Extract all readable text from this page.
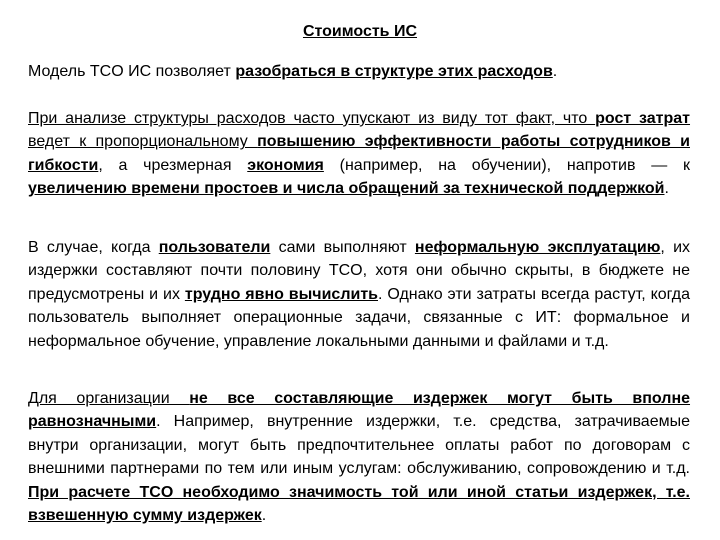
Стоимость ИС
Модель TCO ИС позволяет разобраться в структуре этих расходов.
При анализе структуры расходов часто упускают из виду тот факт, что рост затрат ведет к пропорциональному повышению эффективности работы сотрудников и гибкости, а чрезмерная экономия (например, на обучении), напротив — к увеличению времени простоев и числа обращений за технической поддержкой.
В случае, когда пользователи сами выполняют неформальную эксплуатацию, их издержки составляют почти половину TCO, хотя они обычно скрыты, в бюджете не предусмотрены и их трудно явно вычислить. Однако эти затраты всегда растут, когда пользователь выполняет операционные задачи, связанные с ИТ: формальное и неформальное обучение, управление локальными данными и файлами и т.д.
Для организации не все составляющие издержек могут быть вполне равнозначными. Например, внутренние издержки, т.е. средства, затрачиваемые внутри организации, могут быть предпочтительнее оплаты работ по договорам с внешними партнерами по тем или иным услугам: обслуживанию, сопровождению и т.д. При расчете TCO необходимо значимость той или иной статьи издержек, т.е. взвешенную сумму издержек.
